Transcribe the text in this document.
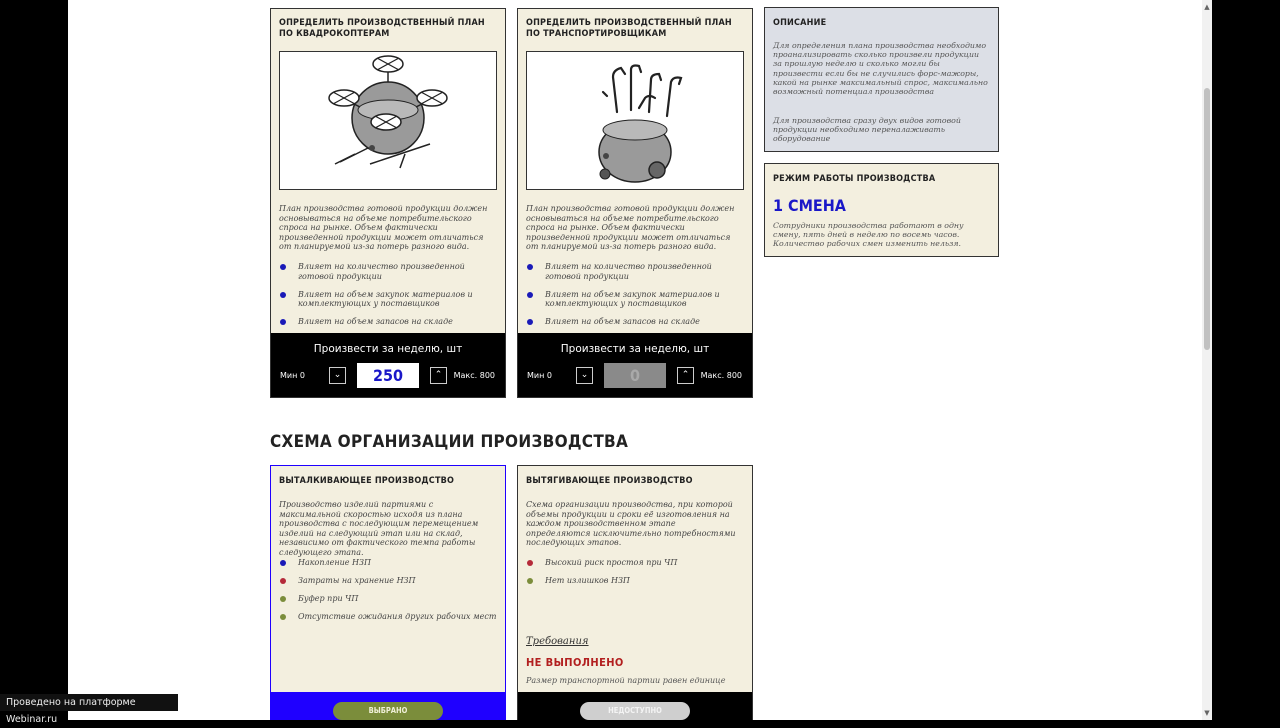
ОПРЕДЕЛИТЬ ПРОИЗВОДСТВЕННЫЙ ПЛАН ПО КВАДРОКОПТЕРАМ
План производства готовой продукции должен основываться на объеме потребительского спроса на рынке. Объем фактически произведенной продукции может отличаться от планируемой из-за потерь разного вида.
Влияет на количество произведенной готовой продукции
Влияет на объем закупок материалов и комплектующих у поставщиков
Влияет на объем запасов на складе
Произвести за неделю, шт
Мин 0	⌄	250	⌃	Макс. 800
ОПРЕДЕЛИТЬ ПРОИЗВОДСТВЕННЫЙ ПЛАН ПО ТРАНСПОРТИРОВЩИКАМ
План производства готовой продукции должен основываться на объеме потребительского спроса на рынке. Объем фактически произведенной продукции может отличаться от планируемой из-за потерь разного вида.
Влияет на количество произведенной готовой продукции
Влияет на объем закупок материалов и комплектующих у поставщиков
Влияет на объем запасов на складе
Произвести за неделю, шт
Мин 0	⌄	0	⌃	Макс. 800
ОПИСАНИЕ
Для определения плана производства необходимо проанализировать сколько произвели продукции за прошлую неделю и сколько могли бы произвести если бы не случились форс-мажоры, какой на рынке максимальный спрос, максимально возможный потенциал производства
Для производства сразу двух видов готовой продукции необходимо переналаживать оборудование
РЕЖИМ РАБОТЫ ПРОИЗВОДСТВА
1 СМЕНА
Сотрудники производства работают в одну смену, пять дней в неделю по восемь часов. Количество рабочих смен изменить нельзя.
СХЕМА ОРГАНИЗАЦИИ ПРОИЗВОДСТВА
ВЫТАЛКИВАЮЩЕЕ ПРОИЗВОДСТВО
Производство изделий партиями с максимальной скоростью исходя из плана производства с последующим перемещением изделий на следующий этап или на склад, независимо от фактического темпа работы следующего этапа.
Накопление НЗП
Затраты на хранение НЗП
Буфер при ЧП
Отсутствие ожидания других рабочих мест
ВЫБРАНО
ВЫТЯГИВАЮЩЕЕ ПРОИЗВОДСТВО
Схема организации производства, при которой объемы продукции и сроки её изготовления на каждом производственном этапе определяются исключительно потребностями последующих этапов.
Высокий риск простоя при ЧП
Нет излишков НЗП
Требования
НЕ ВЫПОЛНЕНО
Размер транспортной партии равен единице
НЕДОСТУПНО
▲
▼
Проведено на платформе Webinar.ru
